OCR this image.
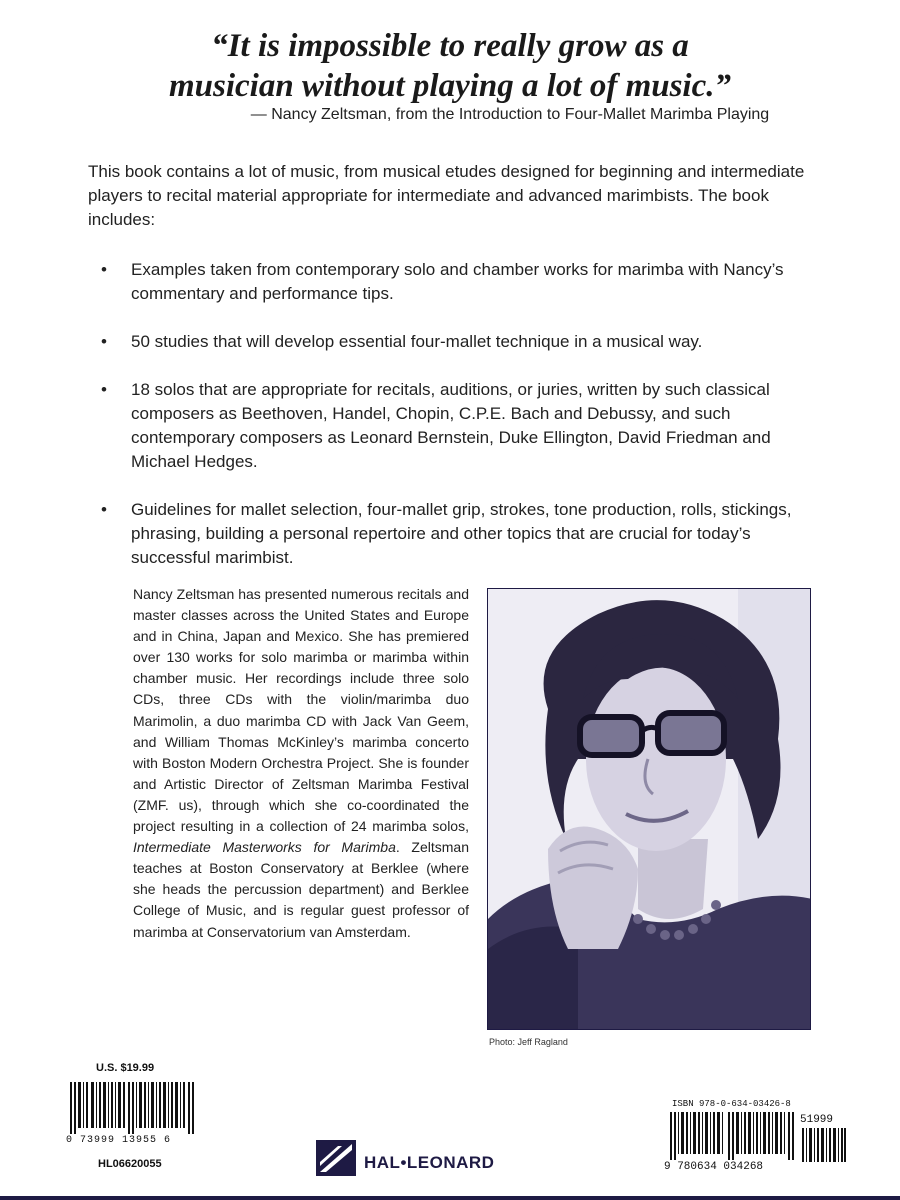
“It is impossible to really grow as a
musician without playing a lot of music.”
— Nancy Zeltsman, from the Introduction to Four-Mallet Marimba Playing

This book contains a lot of music, from musical etudes designed for beginning and intermediate players to recital material appropriate for intermediate and advanced marimbists. The book includes:

• Examples taken from contemporary solo and chamber works for marimba with Nancy’s commentary and performance tips.
• 50 studies that will develop essential four-mallet technique in a musical way.
• 18 solos that are appropriate for recitals, auditions, or juries, written by such classical composers as Beethoven, Handel, Chopin, C.P.E. Bach and Debussy, and such contemporary composers as Leonard Bernstein, Duke Ellington, David Friedman and Michael Hedges.
• Guidelines for mallet selection, four-mallet grip, strokes, tone production, rolls, stickings, phrasing, building a personal repertoire and other topics that are crucial for today’s successful marimbist.

Nancy Zeltsman has presented numerous recitals and master classes across the United States and Europe and in China, Japan and Mexico. She has premiered over 130 works for solo marimba or marimba within chamber music. Her recordings include three solo CDs, three CDs with the violin/marimba duo Marimolin, a duo marimba CD with Jack Van Geem, and William Thomas McKinley’s marimba concerto with Boston Modern Orchestra Project. She is founder and Artistic Director of Zeltsman Marimba Festival (ZMF. us), through which she co-coordinated the project resulting in a collection of 24 marimba solos, Intermediate Masterworks for Marimba. Zeltsman teaches at Boston Conservatory at Berklee (where she heads the percussion department) and Berklee College of Music, and is regular guest professor of marimba at Conservatorium van Amsterdam.

Photo: Jeff Ragland
U.S. $19.99
0 73999 13955 6
HL06620055	HAL•LEONARD
ISBN 978-0-634-03426-8
51999
9 780634 034268
